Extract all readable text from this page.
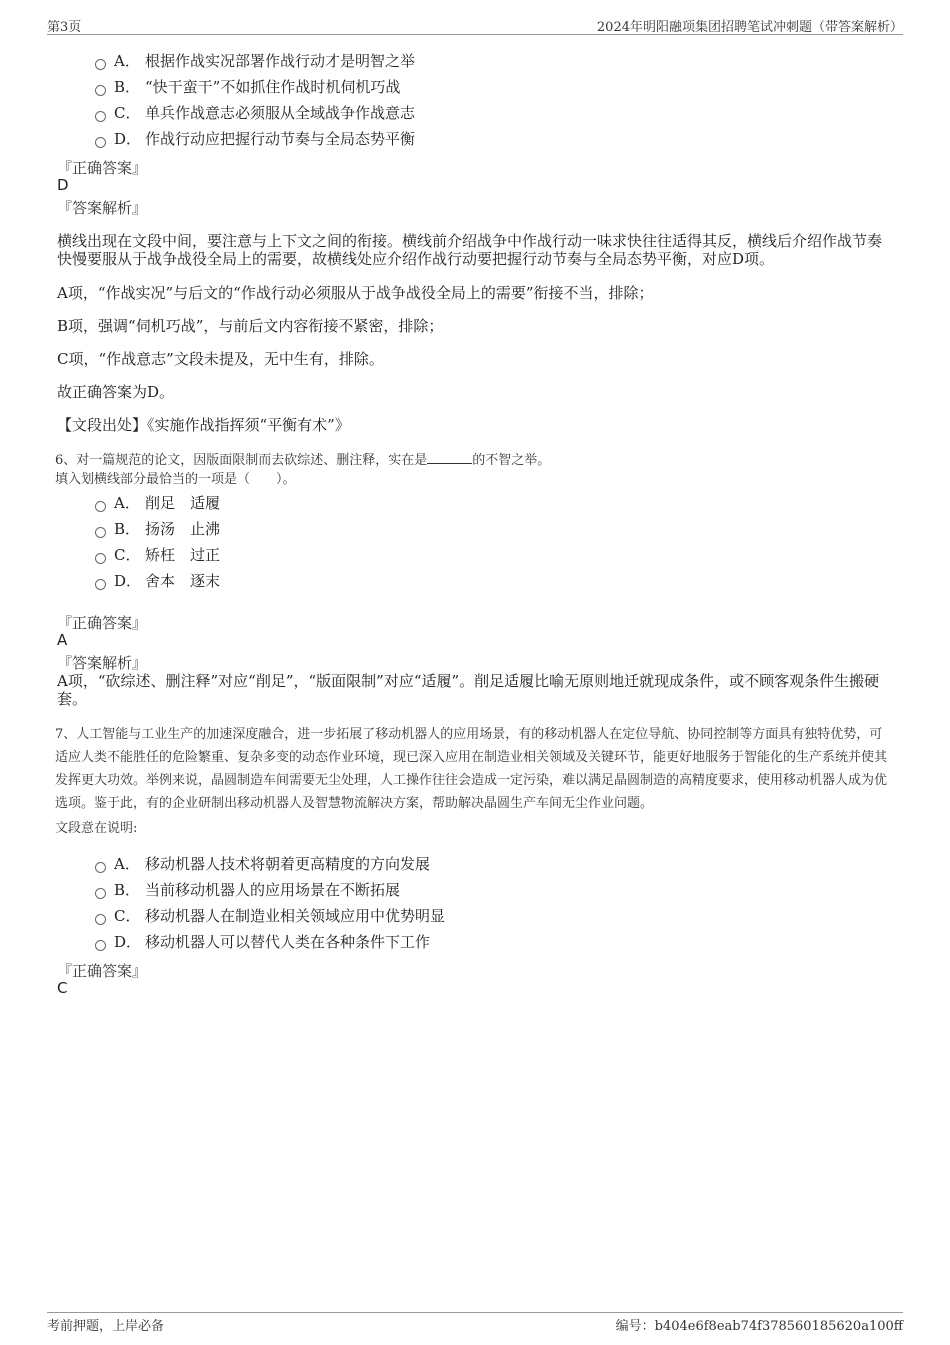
第3页	2024年明阳融项集团招聘笔试冲刺题（带答案解析）
A． 根据作战实况部署作战行动才是明智之举
B． “快干蛮干”不如抓住作战时机伺机巧战
C． 单兵作战意志必须服从全域战争作战意志
D． 作战行动应把握行动节奏与全局态势平衡
『正确答案』
D
『答案解析』
横线出现在文段中间，要注意与上下文之间的衔接。横线前介绍战争中作战行动一味求快往往适得其反，横线后介绍作战节奏快慢要服从于战争战役全局上的需要，故横线处应介绍作战行动要把握行动节奏与全局态势平衡，对应D项。
A项，“作战实况”与后文的“作战行动必须服从于战争战役全局上的需要”衔接不当，排除；
B项，强调“伺机巧战”，与前后文内容衔接不紧密，排除；
C项，“作战意志”文段未提及，无中生有，排除。
故正确答案为D。
【文段出处】《实施作战指挥须“平衡有术”》
6、对一篇规范的论文，因版面限制而去砍综述、删注释，实在是	的不智之举。
填入划横线部分最恰当的一项是（　　）。
A． 削足　适履
B． 扬汤　止沸
C． 矫枉　过正
D． 舍本　逐末
『正确答案』
A
『答案解析』
A项，“砍综述、删注释”对应“削足”，“版面限制”对应“适履”。削足适履比喻无原则地迁就现成条件，或不顾客观条件生搬硬套。
7、人工智能与工业生产的加速深度融合，进一步拓展了移动机器人的应用场景，有的移动机器人在定位导航、协同控制等方面具有独特优势，可适应人类不能胜任的危险繁重、复杂多变的动态作业环境，现已深入应用在制造业相关领域及关键环节，能更好地服务于智能化的生产系统并使其发挥更大功效。举例来说，晶圆制造车间需要无尘处理，人工操作往往会造成一定污染，难以满足晶圆制造的高精度要求，使用移动机器人成为优选项。鉴于此，有的企业研制出移动机器人及智慧物流解决方案，帮助解决晶圆生产车间无尘作业问题。
文段意在说明:
A． 移动机器人技术将朝着更高精度的方向发展
B． 当前移动机器人的应用场景在不断拓展
C． 移动机器人在制造业相关领域应用中优势明显
D． 移动机器人可以替代人类在各种条件下工作
『正确答案』
C
考前押题，上岸必备	编号：b404e6f8eab74f378560185620a100ff
